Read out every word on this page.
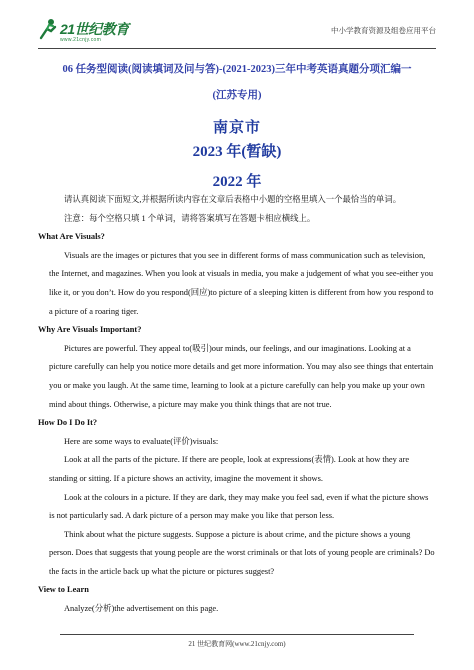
21世纪教育
www.21cnjy.com
中小学教育资源及组卷应用平台
06 任务型阅读(阅读填词及问与答)-(2021-2023)三年中考英语真题分项汇编一
(江苏专用)
南京市
2023 年(暂缺)
2022 年

请认真阅读下面短文,并根据所读内容在文章后表格中小题的空格里填入一个最恰当的单词。

注意：每个空格只填 1 个单词，请将答案填写在答题卡相应横线上。

What Are Visuals?

Visuals are the images or pictures that you see in different forms of mass communication such as television, the Internet, and magazines. When you look at visuals in media, you make a judgement of what you see-either you like it, or you don’t. How do you respond(回应)to picture of a sleeping kitten is different from how you respond to a picture of a roaring tiger.

Why Are Visuals Important?

Pictures are powerful. They appeal to(吸引)our minds, our feelings, and our imaginations. Looking at a picture carefully can help you notice more details and get more information. You may also see things that entertain you or make you laugh. At the same time, learning to look at a picture carefully can help you make up your own mind about things. Otherwise, a picture may make you think things that are not true.

How Do I Do It?

Here are some ways to evaluate(评价)visuals:

Look at all the parts of the picture. If there are people, look at expressions(表情). Look at how they are standing or sitting. If a picture shows an activity, imagine the movement it shows.

Look at the colours in a picture. If they are dark, they may make you feel sad, even if what the picture shows is not particularly sad. A dark picture of a person may make you like that person less.

Think about what the picture suggests. Suppose a picture is about crime, and the picture shows a young person. Does that suggests that young people are the worst criminals or that lots of young people are criminals? Do the facts in the article back up what the picture or pictures suggest?

View to Learn

Analyze(分析)the advertisement on this page.

21 世纪教育网(www.21cnjy.com)
